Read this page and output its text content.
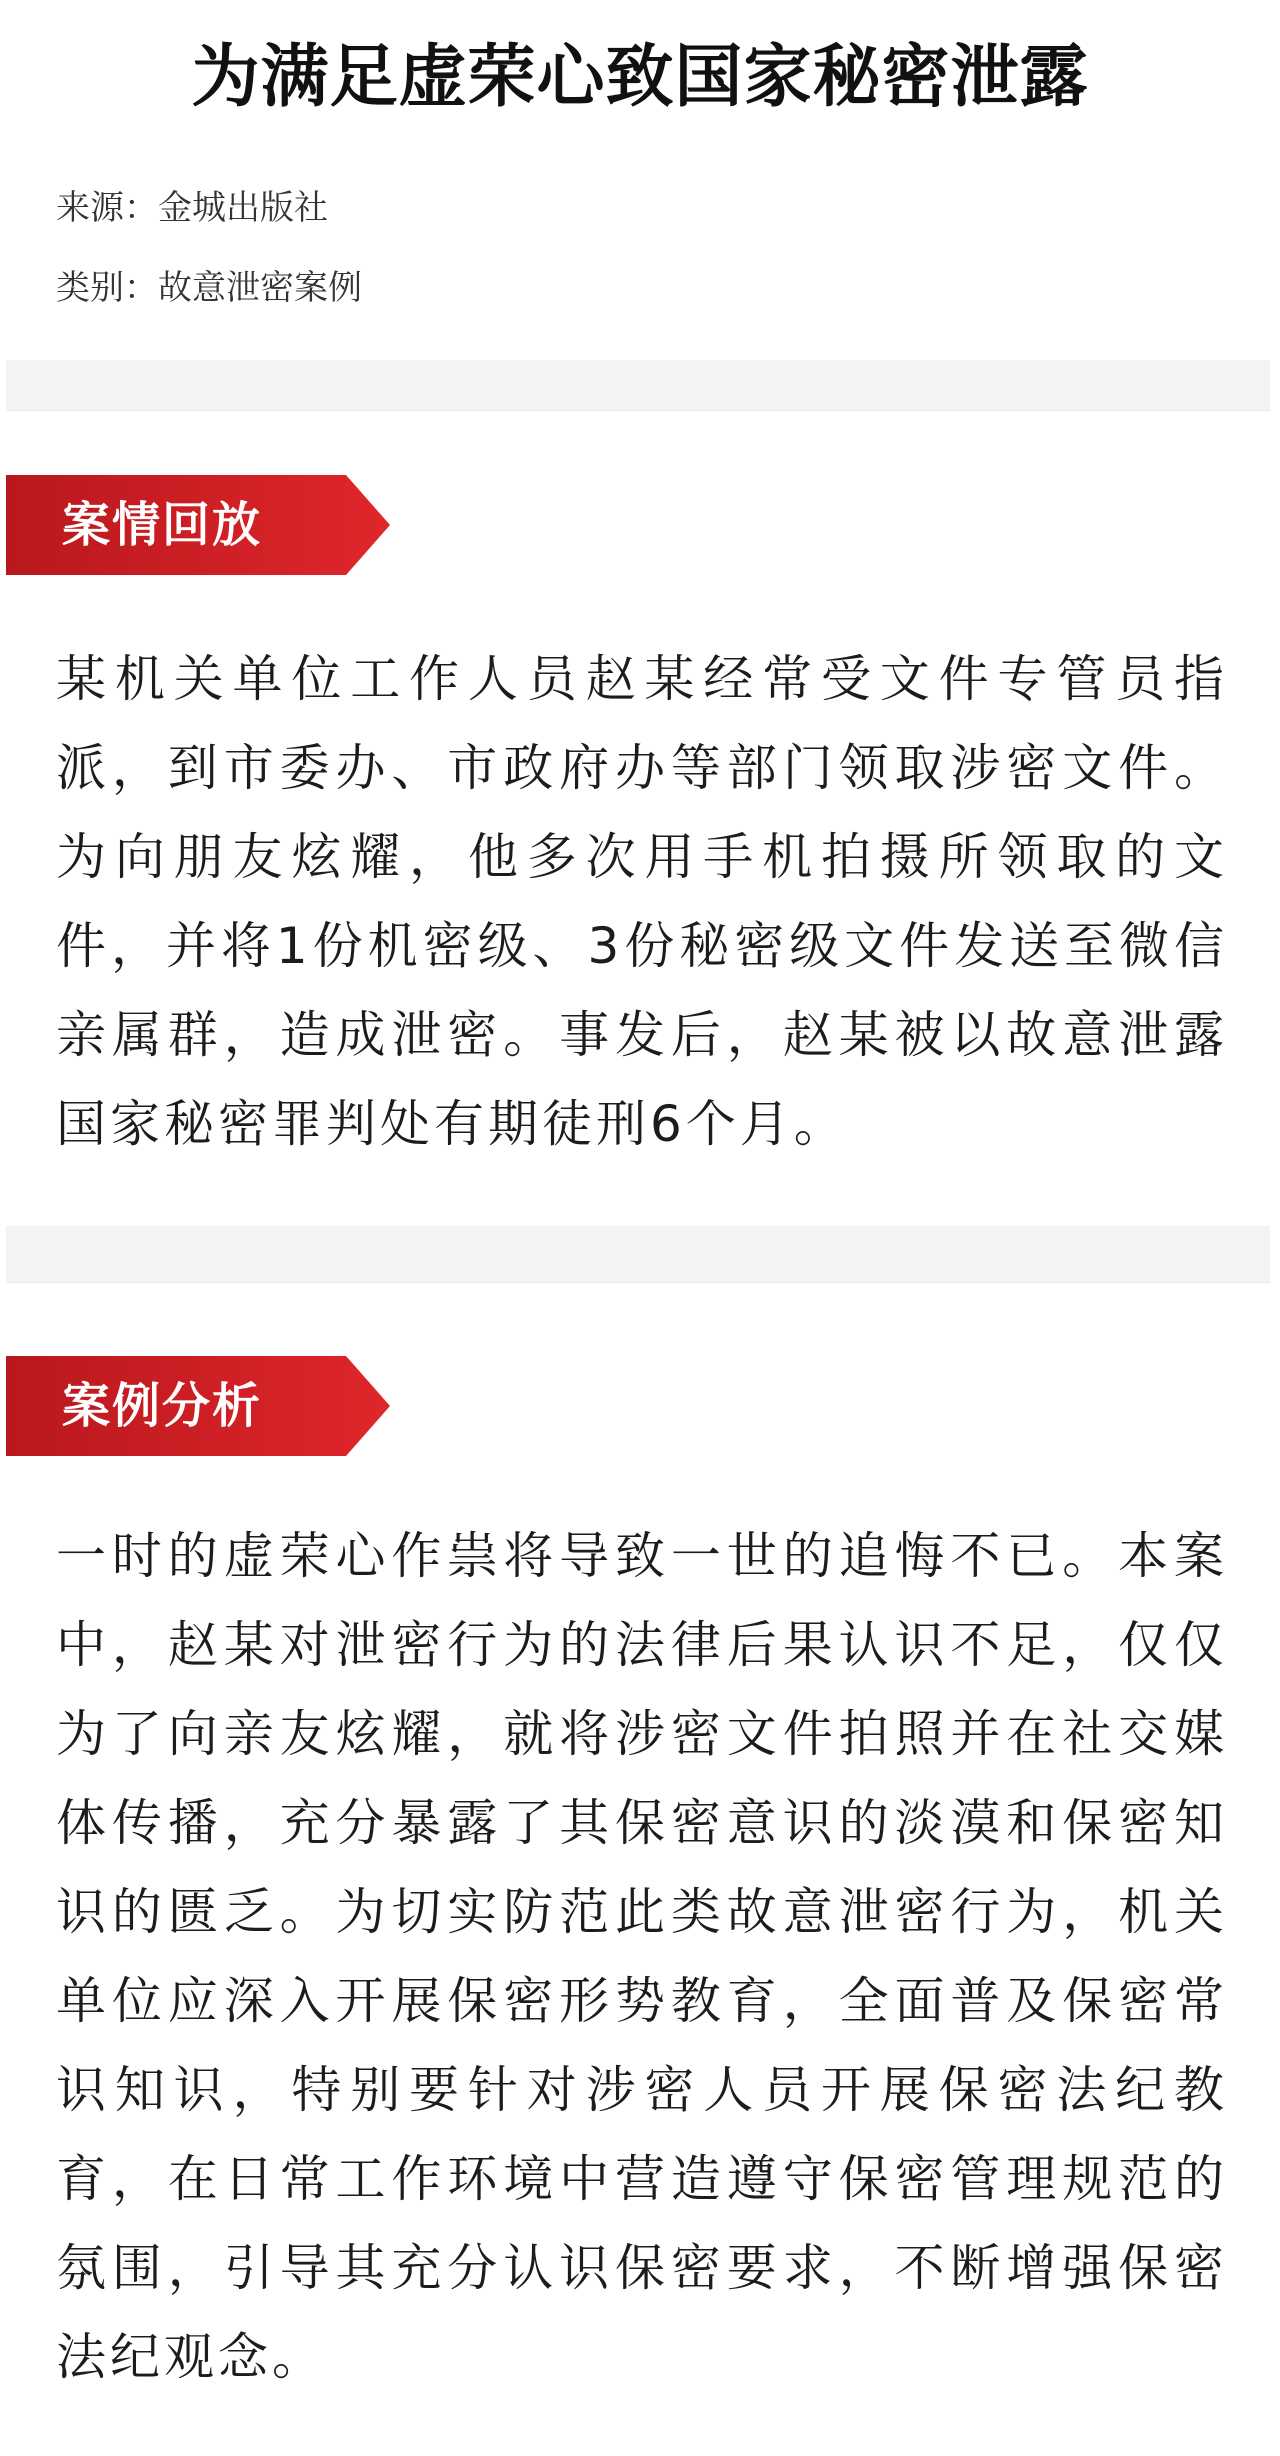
为满足虚荣心致国家秘密泄露
来源：金城出版社
类别：故意泄密案例
案情回放

某机关单位工作人员赵某经常受文件专管员指派，到市委办、市政府办等部门领取涉密文件。为向朋友炫耀，他多次用手机拍摄所领取的文件，并将1份机密级、3份秘密级文件发送至微信亲属群，造成泄密。事发后，赵某被以故意泄露国家秘密罪判处有期徒刑6个月。

案例分析

一时的虚荣心作祟将导致一世的追悔不已。本案中，赵某对泄密行为的法律后果认识不足，仅仅为了向亲友炫耀，就将涉密文件拍照并在社交媒体传播，充分暴露了其保密意识的淡漠和保密知识的匮乏。为切实防范此类故意泄密行为，机关单位应深入开展保密形势教育，全面普及保密常识知识，特别要针对涉密人员开展保密法纪教育，在日常工作环境中营造遵守保密管理规范的氛围，引导其充分认识保密要求，不断增强保密法纪观念。
